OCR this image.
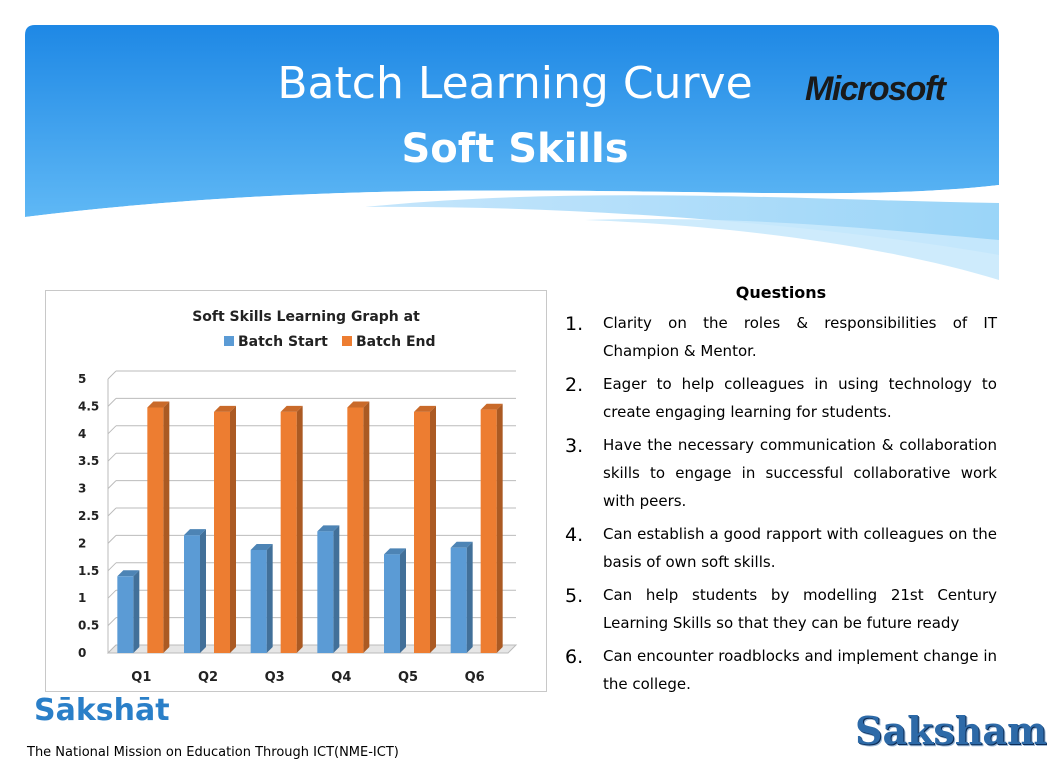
Batch Learning Curve
Soft Skills
Microsoft
Soft Skills Learning Graph at
Batch Start Batch End
0
0.5
1
1.5
2
2.5
3
3.5
4
4.5
5
Q1	Q2	Q3	Q4	Q5	Q6
Questions
1.	Clarity on the roles & responsibilities of IT Champion & Mentor.
2.	Eager to help colleagues in using technology to create engaging learning for students.
3.	Have the necessary communication & collaboration skills to engage in successful collaborative work with peers.
4.	Can establish a good rapport with colleagues on the basis of own soft skills.
5.	Can help students by modelling 21st Century Learning Skills so that they can be future ready
6.	Can encounter roadblocks and implement change in the college.
Sākshāt
The National Mission on Education Through ICT(NME-ICT)	Saksham
